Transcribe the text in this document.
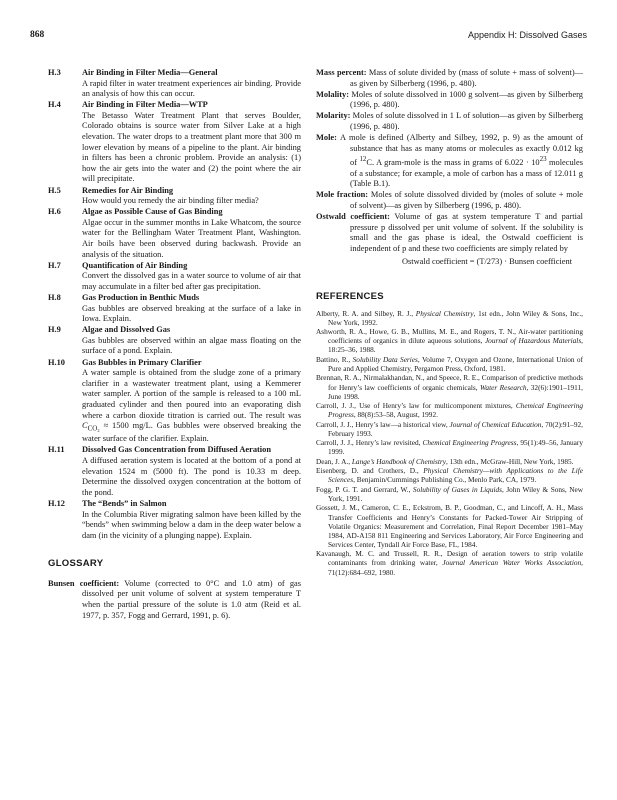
868	Appendix H: Dissolved Gases
H.3	Air Binding in Filter Media—General
A rapid filter in water treatment experiences air binding. Provide an analysis of how this can occur.
H.4	Air Binding in Filter Media—WTP
The Betasso Water Treatment Plant that serves Boulder, Colorado obtains is source water from Silver Lake at a high elevation. The water drops to a treatment plant more that 300 m lower elevation by means of a pipeline to the plant. Air binding in filters has been a chronic problem. Provide an analysis: (1) how the air gets into the water and (2) the point where the air will precipitate.
H.5	Remedies for Air Binding
How would you remedy the air binding filter media?
H.6	Algae as Possible Cause of Gas Binding
Algae occur in the summer months in Lake Whatcom, the source water for the Bellingham Water Treatment Plant, Washington. Air boils have been observed during backwash. Provide an analysis of the situation.
H.7	Quantification of Air Binding
Convert the dissolved gas in a water source to volume of air that may accumulate in a filter bed after gas precipitation.
H.8	Gas Production in Benthic Muds
Gas bubbles are observed breaking at the surface of a lake in Iowa. Explain.
H.9	Algae and Dissolved Gas
Gas bubbles are observed within an algae mass floating on the surface of a pond. Explain.
H.10	Gas Bubbles in Primary Clarifier
A water sample is obtained from the sludge zone of a primary clarifier in a wastewater treatment plant, using a Kemmerer water sampler. A portion of the sample is released to a 100 mL graduated cylinder and then poured into an evaporating dish where a carbon dioxide titration is carried out. The result was $C_{CO_2} \approx 1500$ mg/L. Gas bubbles were observed breaking the water surface of the clarifier. Explain.
H.11	Dissolved Gas Concentration from Diffused Aeration
A diffused aeration system is located at the bottom of a pond at elevation 1524 m (5000 ft). The pond is 10.33 m deep. Determine the dissolved oxygen concentration at the bottom of the pond.
H.12	The “Bends” in Salmon
In the Columbia River migrating salmon have been killed by the “bends” when swimming below a dam in the deep water below a dam (in the vicinity of a plunging nappe). Explain.
GLOSSARY
Bunsen coefficient: Volume (corrected to 0°C and 1.0 atm) of gas dissolved per unit volume of solvent at system temperature T when the partial pressure of the solute is 1.0 atm (Reid et al. 1977, p. 357, Fogg and Gerrard, 1991, p. 6).
Mass percent: Mass of solute divided by (mass of solute + mass of solvent)—as given by Silberberg (1996, p. 480).
Molality: Moles of solute dissolved in 1000 g solvent—as given by Silberberg (1996, p. 480).
Molarity: Moles of solute dissolved in 1 L of solution—as given by Silberberg (1996, p. 480).
Mole: A mole is defined (Alberty and Silbey, 1992, p. 9) as the amount of substance that has as many atoms or molecules as exactly 0.012 kg of $^{12}$C. A gram-mole is the mass in grams of $6.022 \cdot 10^{23}$ molecules of a substance; for example, a mole of carbon has a mass of 12.011 g (Table B.1).
Mole fraction: Moles of solute dissolved divided by (moles of solute + mole of solvent)—as given by Silberberg (1996, p. 480).
Ostwald coefficient: Volume of gas at system temperature T and partial pressure p dissolved per unit volume of solvent. If the solubility is small and the gas phase is ideal, the Ostwald coefficient is independent of p and these two coefficients are simply related by
Ostwald coefficient = (T/273) · Bunsen coefficient
REFERENCES
Alberty, R. A. and Silbey, R. J., Physical Chemistry, 1st edn., John Wiley & Sons, Inc., New York, 1992.
Ashworth, R. A., Howe, G. B., Mullins, M. E., and Rogers, T. N., Air-water partitioning coefficients of organics in dilute aqueous solutions, Journal of Hazardous Materials, 18:25–36, 1988.
Battino, R., Solubility Data Series, Volume 7, Oxygen and Ozone, International Union of Pure and Applied Chemistry, Pergamon Press, Oxford, 1981.
Brennan, R. A., Nirmalakhandan, N., and Speece, R. E., Comparison of predictive methods for Henry’s law coefficients of organic chemicals, Water Research, 32(6):1901–1911, June 1998.
Carroll, J. J., Use of Henry’s law for multicomponent mixtures, Chemical Engineering Progress, 88(8):53–58, August, 1992.
Carroll, J. J., Henry’s law—a historical view, Journal of Chemical Education, 70(2):91–92, February 1993.
Carroll, J. J., Henry’s law revisited, Chemical Engineering Progress, 95(1):49–56, January 1999.
Dean, J. A., Lange’s Handbook of Chemistry, 13th edn., McGraw-Hill, New York, 1985.
Eisenberg, D. and Crothers, D., Physical Chemistry—with Applications to the Life Sciences, Benjamin/Cummings Publishing Co., Menlo Park, CA, 1979.
Fogg, P. G. T. and Gerrard, W., Solubility of Gases in Liquids, John Wiley & Sons, New York, 1991.
Gossett, J. M., Cameron, C. E., Eckstrom, B. P., Goodman, C., and Lincoff, A. H., Mass Transfer Coefficients and Henry’s Constants for Packed-Tower Air Stripping of Volatile Organics: Measurement and Correlation, Final Report December 1981–May 1984, AD-A158 811 Engineering and Services Laboratory, Air Force Engineering and Services Center, Tyndall Air Force Base, FL, 1984.
Kavanaugh, M. C. and Trussell, R. R., Design of aeration towers to strip volatile contaminants from drinking water, Journal American Water Works Association, 71(12):684–692, 1980.
